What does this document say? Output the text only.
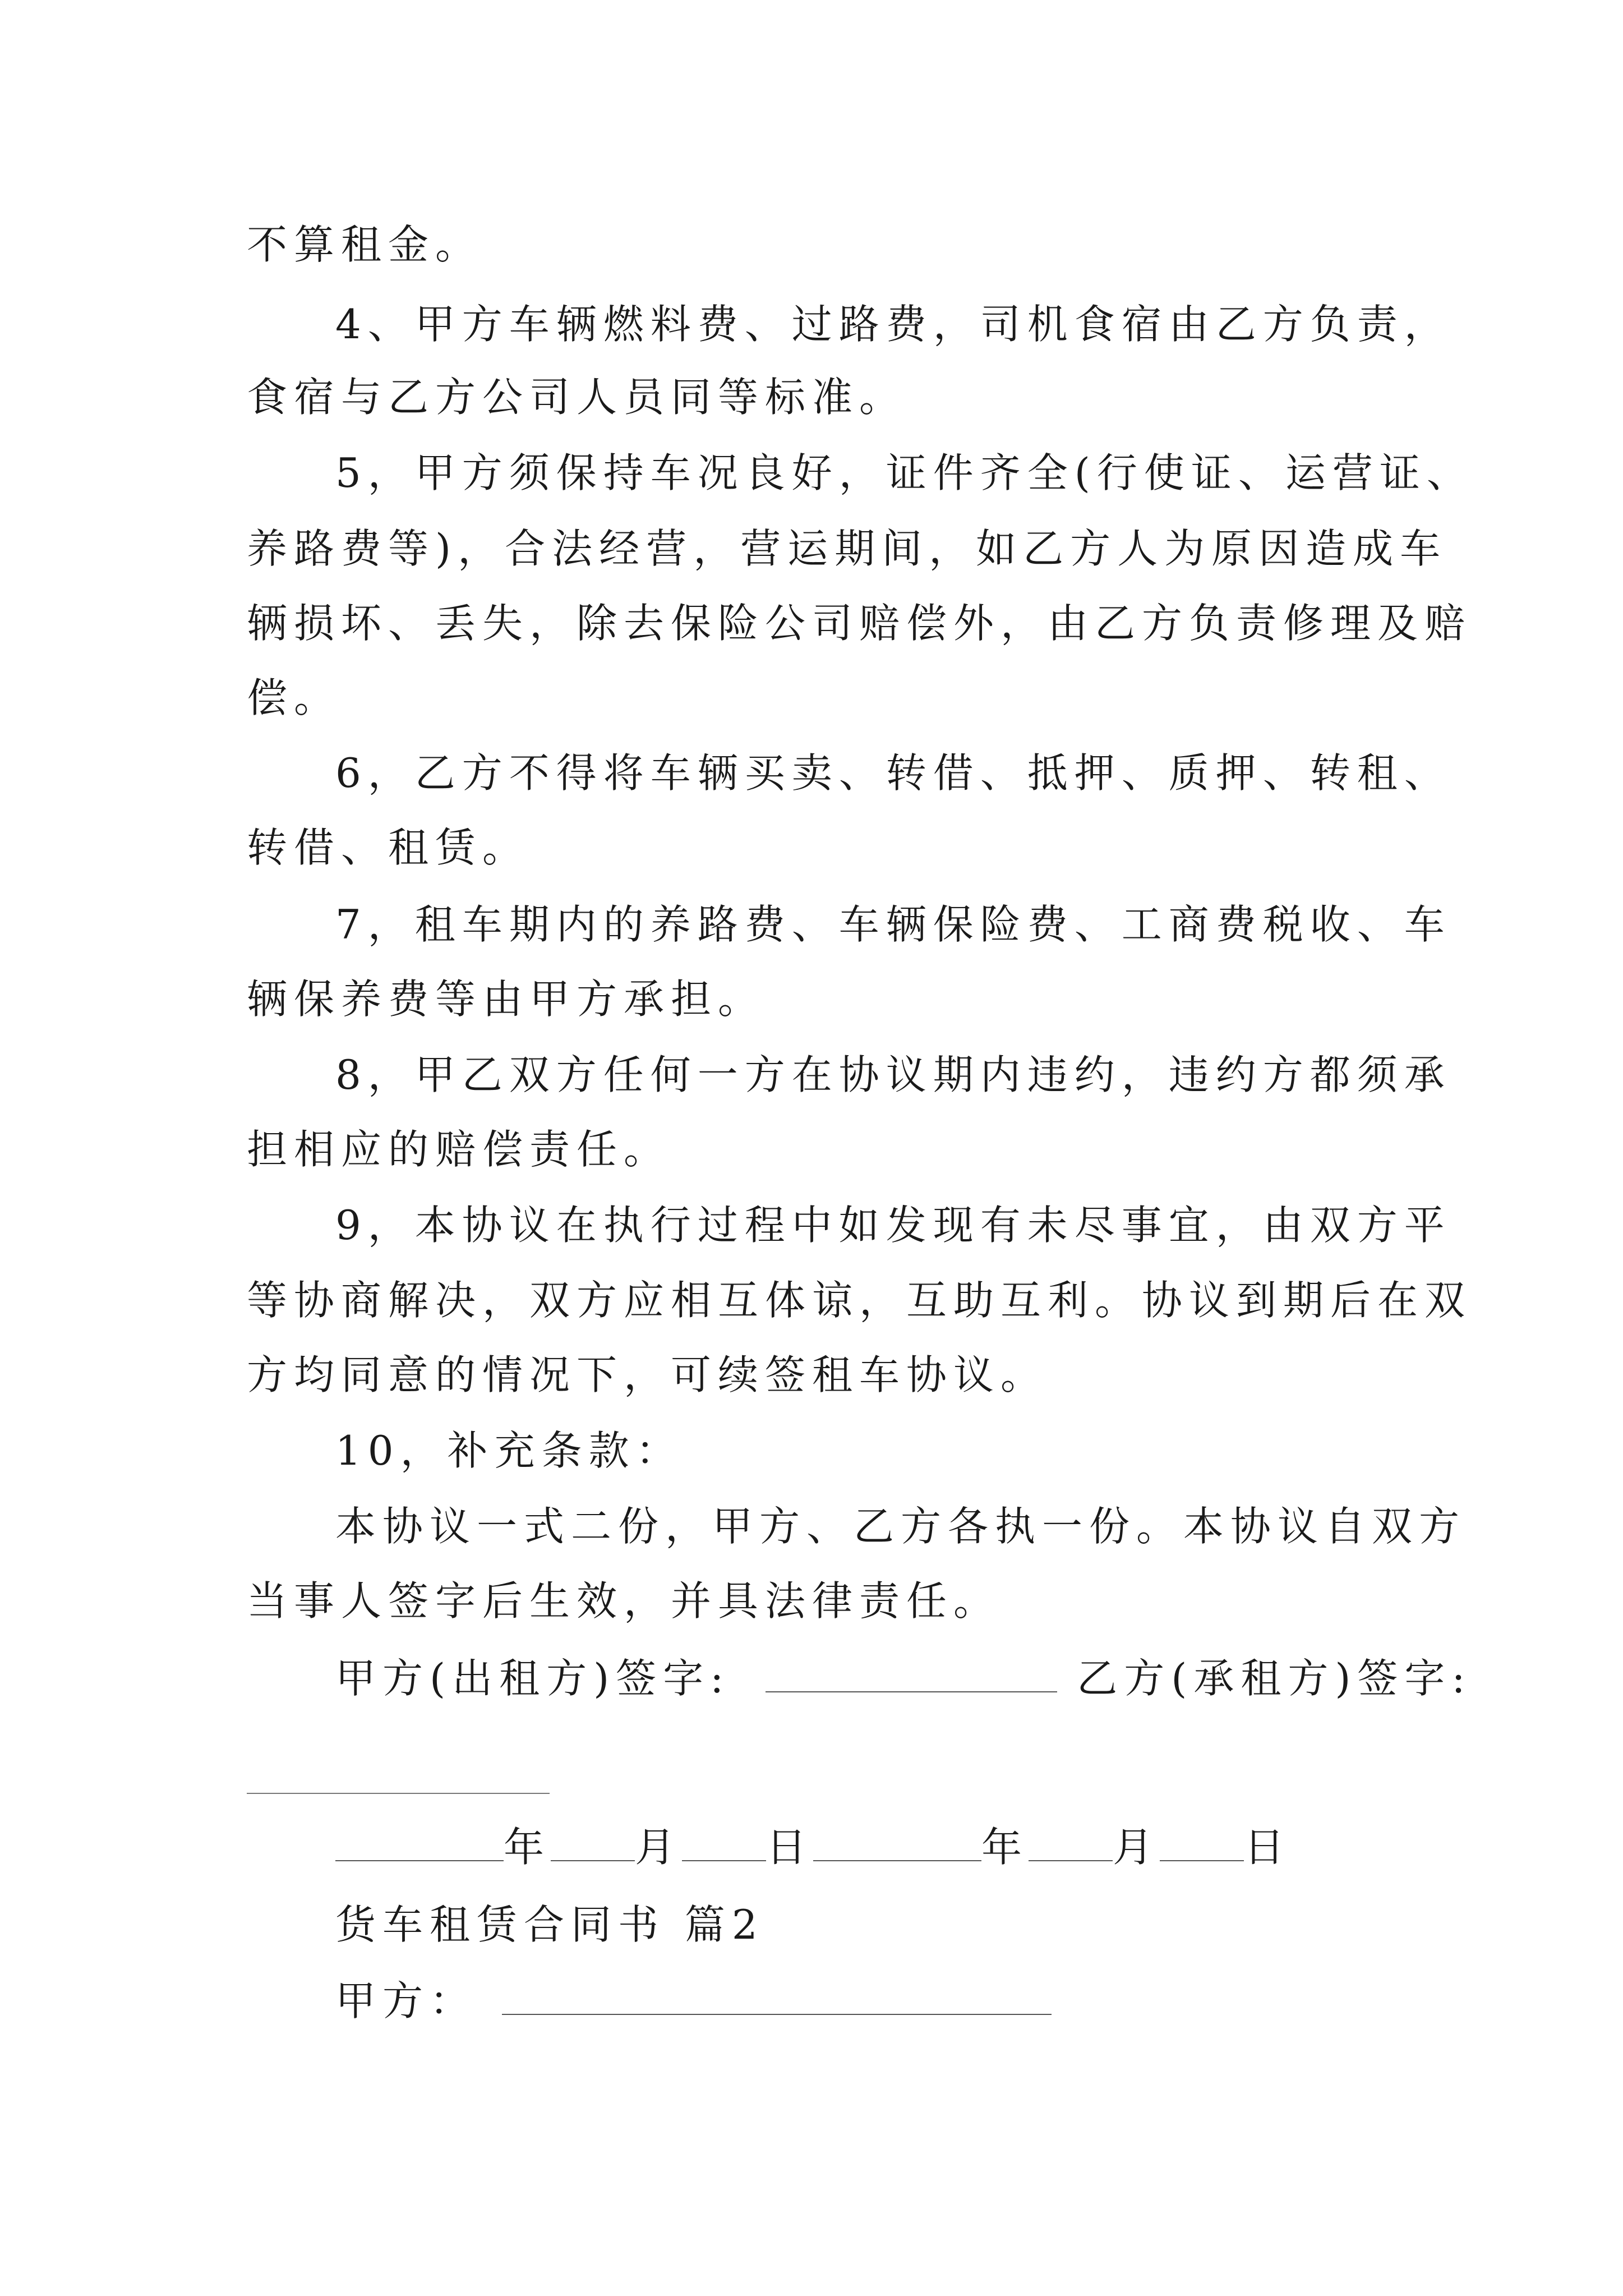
不算租金。
4、甲方车辆燃料费、过路费，司机食宿由乙方负责，
食宿与乙方公司人员同等标准。
5，甲方须保持车况良好，证件齐全(行使证、运营证、
养路费等)，合法经营，营运期间，如乙方人为原因造成车
辆损坏、丢失，除去保险公司赔偿外，由乙方负责修理及赔
偿。
6，乙方不得将车辆买卖、转借、抵押、质押、转租、
转借、租赁。
7，租车期内的养路费、车辆保险费、工商费税收、车
辆保养费等由甲方承担。
8，甲乙双方任何一方在协议期内违约，违约方都须承
担相应的赔偿责任。
9，本协议在执行过程中如发现有未尽事宜，由双方平
等协商解决，双方应相互体谅，互助互利。协议到期后在双
方均同意的情况下，可续签租车协议。
10，补充条款：
本协议一式二份，甲方、乙方各执一份。本协议自双方
当事人签字后生效，并具法律责任。
甲方(出租方)签字:	乙方(承租方)签字:
年 月 日	年 月 日
货车租赁合同书 篇2
甲方：
